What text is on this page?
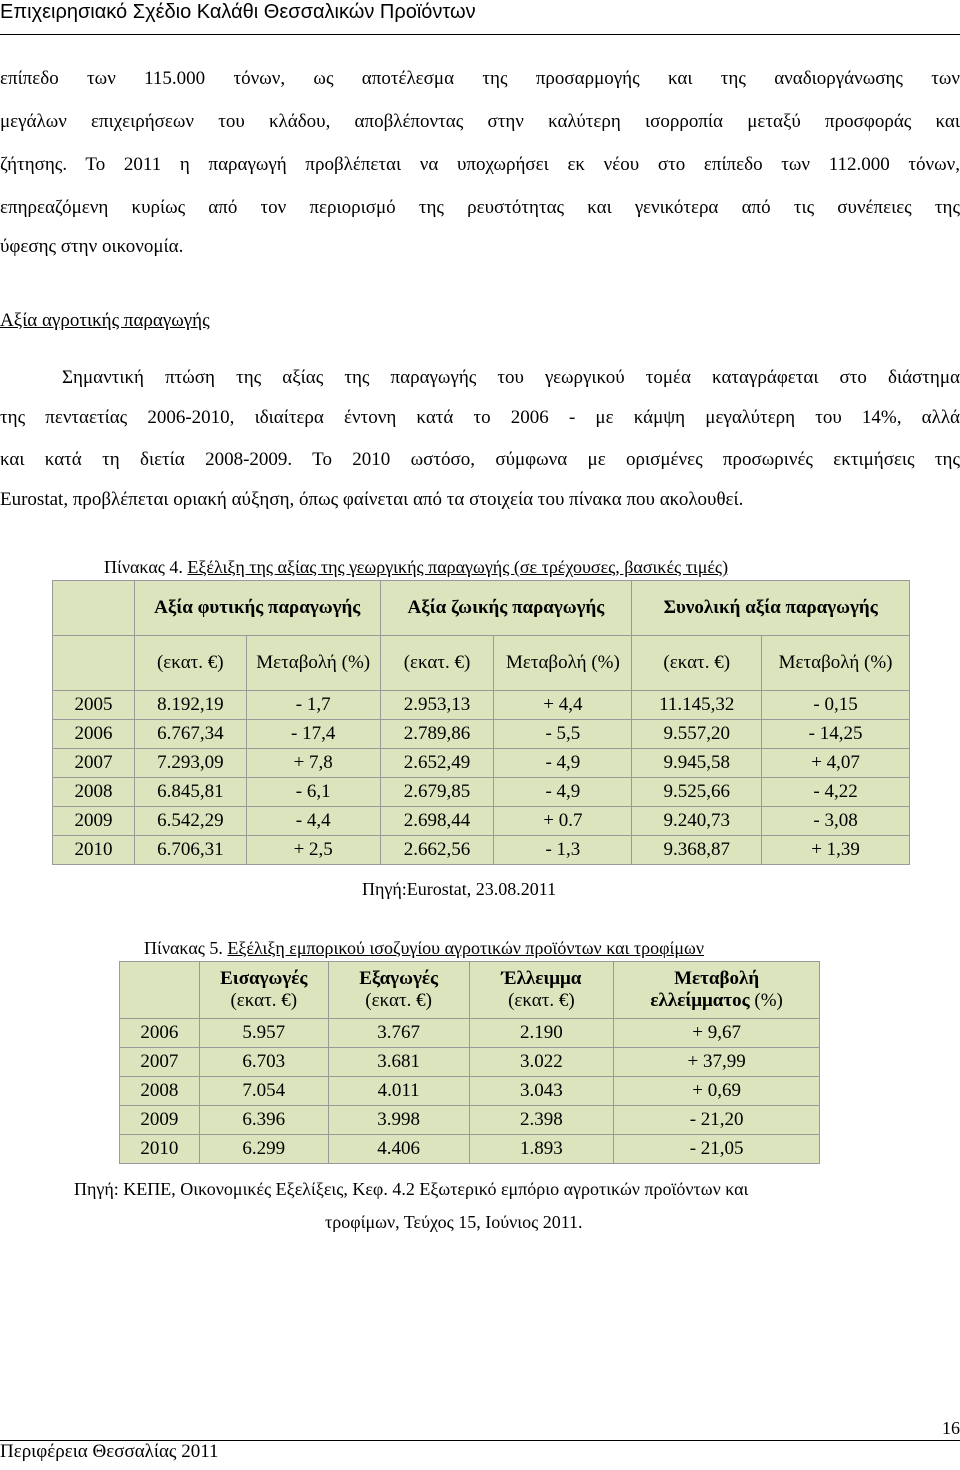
Επιχειρησιακό Σχέδιο Καλάθι Θεσσαλικών Προϊόντων
επίπεδο των 115.000 τόνων, ως αποτέλεσμα της προσαρμογής και της αναδιοργάνωσης των
μεγάλων επιχειρήσεων του κλάδου, αποβλέποντας στην καλύτερη ισορροπία μεταξύ προσφοράς και
ζήτησης. Το 2011 η παραγωγή προβλέπεται να υποχωρήσει εκ νέου στο επίπεδο των 112.000 τόνων,
επηρεαζόμενη κυρίως από τον περιορισμό της ρευστότητας και γενικότερα από τις συνέπειες της
ύφεσης στην οικονομία.
Αξία αγροτικής παραγωγής
Σημαντική πτώση της αξίας της παραγωγής του γεωργικού τομέα καταγράφεται στο διάστημα
της πενταετίας 2006-2010, ιδιαίτερα έντονη κατά το 2006 - με κάμψη μεγαλύτερη του 14%, αλλά
και κατά τη διετία 2008-2009. Το 2010 ωστόσο, σύμφωνα με ορισμένες προσωρινές εκτιμήσεις της
Eurostat, προβλέπεται οριακή αύξηση, όπως φαίνεται από τα στοιχεία του πίνακα που ακολουθεί.
Πίνακας 4. Εξέλιξη της αξίας της γεωργικής παραγωγής (σε τρέχουσες, βασικές τιμές)
	Αξία φυτικής παραγωγής		Αξία ζωικής παραγωγής		Συνολική αξία παραγωγής	
	(εκατ. €)	Μεταβολή (%)	(εκατ. €)	Μεταβολή (%)	(εκατ. €)	Μεταβολή (%)
2005	8.192,19	- 1,7	2.953,13	+ 4,4	11.145,32	- 0,15
2006	6.767,34	- 17,4	2.789,86	- 5,5	9.557,20	- 14,25
2007	7.293,09	+ 7,8	2.652,49	- 4,9	9.945,58	+ 4,07
2008	6.845,81	- 6,1	2.679,85	- 4,9	9.525,66	- 4,22
2009	6.542,29	- 4,4	2.698,44	+ 0.7	9.240,73	- 3,08
2010	6.706,31	+ 2,5	2.662,56	- 1,3	9.368,87	+ 1,39
Πηγή:Eurostat, 23.08.2011
Πίνακας 5. Εξέλιξη εμπορικού ισοζυγίου αγροτικών προϊόντων και τροφίμων
	Εισαγωγές
(εκατ. €)	Εξαγωγές
(εκατ. €)	Έλλειμμα
(εκατ. €)	Μεταβολή
ελλείμματος (%)
2006	5.957	3.767	2.190	+ 9,67
2007	6.703	3.681	3.022	+ 37,99
2008	7.054	4.011	3.043	+ 0,69
2009	6.396	3.998	2.398	- 21,20
2010	6.299	4.406	1.893	- 21,05
Πηγή: ΚΕΠΕ, Οικονομικές Εξελίξεις, Κεφ. 4.2 Εξωτερικό εμπόριο αγροτικών προϊόντων και
τροφίμων, Τεύχος 15, Ιούνιος 2011.
16
Περιφέρεια Θεσσαλίας 2011
